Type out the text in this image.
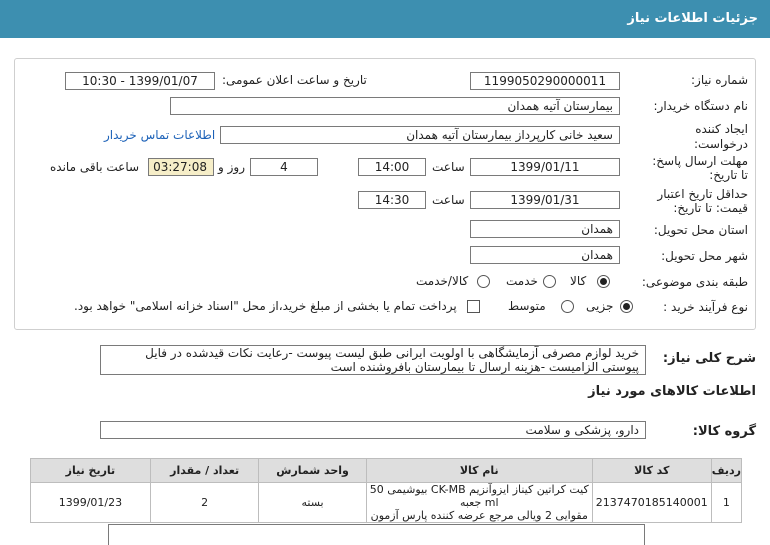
جزئیات اطلاعات نیاز
شماره نیاز:
1199050290000011
تاریخ و ساعت اعلان عمومی:
1399/01/07 - 10:30
نام دستگاه خریدار:
بیمارستان آتیه همدان
ایجاد کننده
درخواست:
سعید خانی کارپرداز بیمارستان آتیه همدان
اطلاعات تماس خریدار
مهلت ارسال پاسخ:
تا تاریخ:
1399/01/11
ساعت
14:00
4
روز و
03:27:08
ساعت باقی مانده
حداقل تاریخ اعتبار
قیمت: تا تاریخ:
1399/01/31
ساعت
14:30
استان محل تحویل:
همدان
شهر محل تحویل:
همدان
طبقه بندی موضوعی:
کالا
خدمت
کالا/خدمت
نوع فرآیند خرید :
جزیی
متوسط
پرداخت تمام یا بخشی از مبلغ خرید،از محل "اسناد خزانه اسلامی" خواهد بود.
شرح کلی نیاز:
خرید لوازم مصرفی آزمایشگاهی با اولویت ایرانی طبق لیست پیوست -رعایت نکات قیدشده در فایل پیوستی الزامیست -هزینه ارسال تا بیمارستان بافروشنده است
اطلاعات کالاهای مورد نیاز
گروه کالا:
دارو، پزشکی و سلامت
ردیف	کد کالا	نام کالا	واحد شمارش	تعداد / مقدار	تاریخ نیاز
1	2137470185140001	کیت کراتین کیناز ایزوآنزیم CK-MB بیوشیمی 50 ml جعبه
مقوایی 2 ویالی مرجع عرضه کننده پارس آزمون	بسته	2	1399/01/23
